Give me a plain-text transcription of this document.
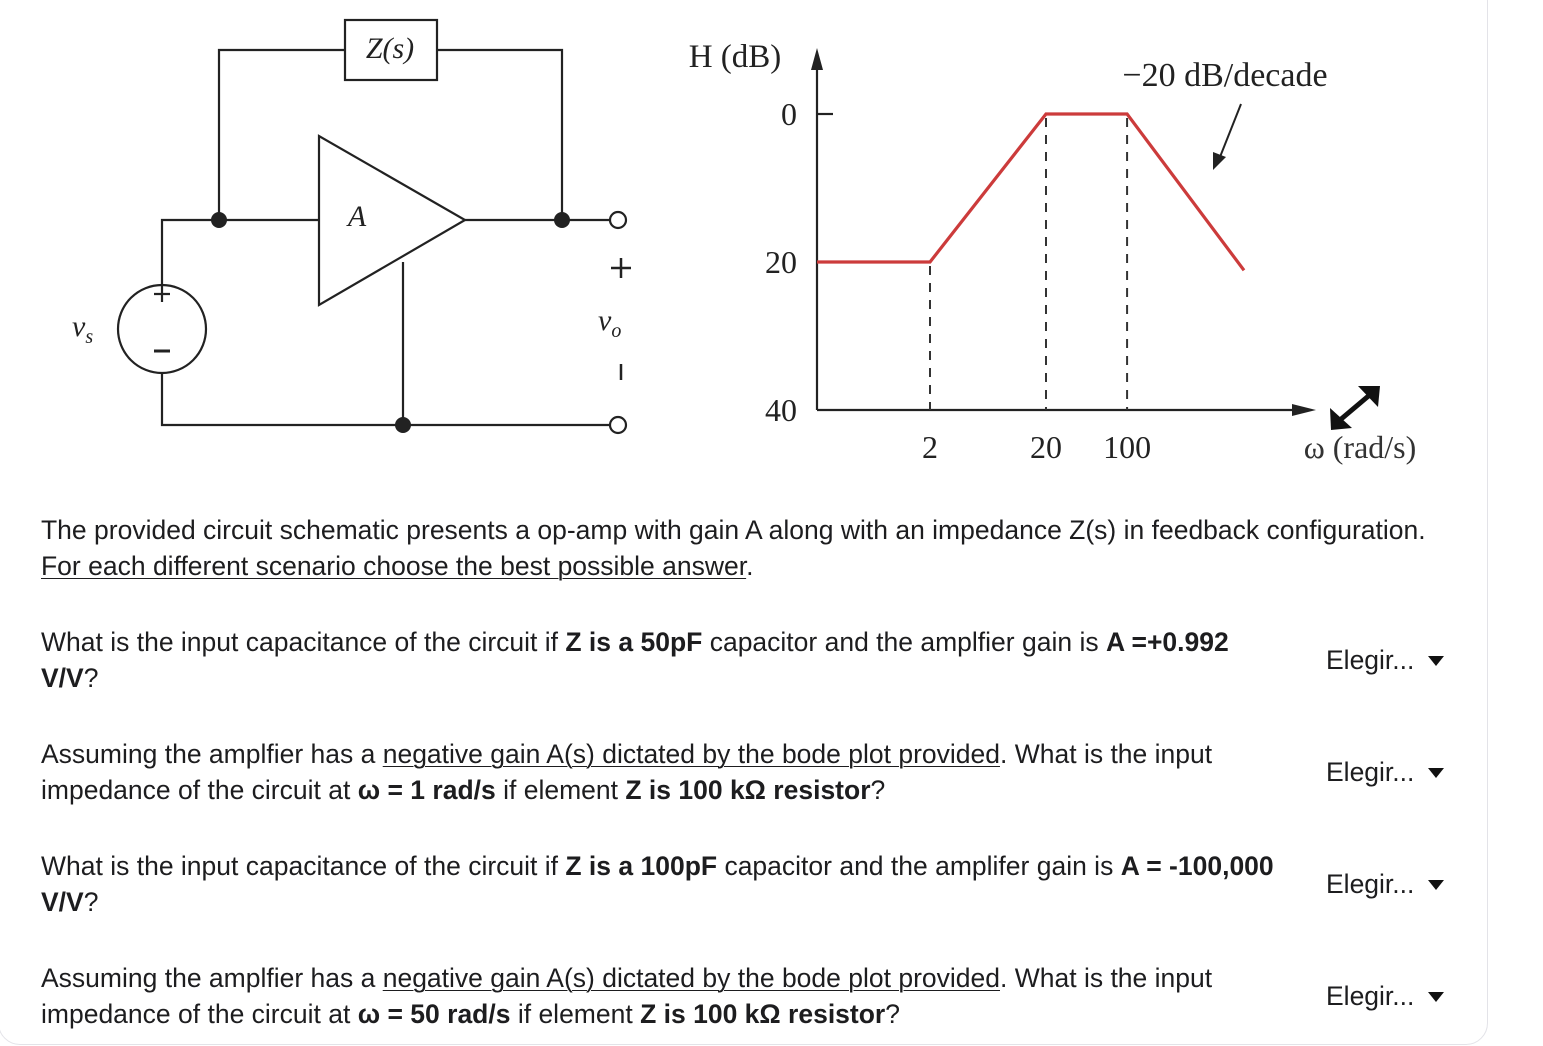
Z(s)
A
$v_s$	$v_o$
40
20
0
2	20 100
H (dB)
ω (rad/s)
−20 dB/decade

The provided circuit schematic presents a op-amp with gain A along with an impedance Z(s) in feedback configuration. For each different scenario choose the best possible answer.

What is the input capacitance of the circuit if Z is a 50pF capacitor and the amplfier gain is A =+0.992 V/V?

Elegir...

Assuming the amplfier has a negative gain A(s) dictated by the bode plot provided. What is the input impedance of the circuit at ω = 1 rad/s if element Z is 100 kΩ resistor?

Elegir...

What is the input capacitance of the circuit if Z is a 100pF capacitor and the amplifer gain is A = -100,000 V/V?

Elegir...

Assuming the amplfier has a negative gain A(s) dictated by the bode plot provided. What is the input impedance of the circuit at ω = 50 rad/s if element Z is 100 kΩ resistor?

Elegir...
